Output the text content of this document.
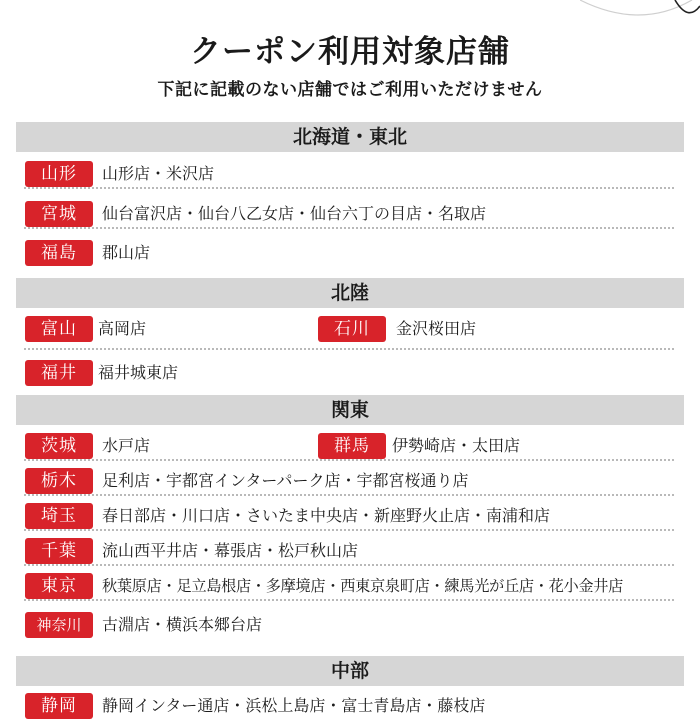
クーポン利用対象店舗
下記に記載のない店舗ではご利用いただけません
北海道・東北
山形	山形店・米沢店
宮城	仙台富沢店・仙台八乙女店・仙台六丁の目店・名取店
福島	郡山店
北陸
富山	高岡店	石川	金沢桜田店
福井	福井城東店
関東
茨城	水戸店	群馬	伊勢崎店・太田店
栃木	足利店・宇都宮インターパーク店・宇都宮桜通り店
埼玉	春日部店・川口店・さいたま中央店・新座野火止店・南浦和店
千葉	流山西平井店・幕張店・松戸秋山店
東京	秋葉原店・足立島根店・多摩境店・西東京泉町店・練馬光が丘店・花小金井店
神奈川	古淵店・横浜本郷台店
中部
静岡	静岡インター通店・浜松上島店・富士青島店・藤枝店
